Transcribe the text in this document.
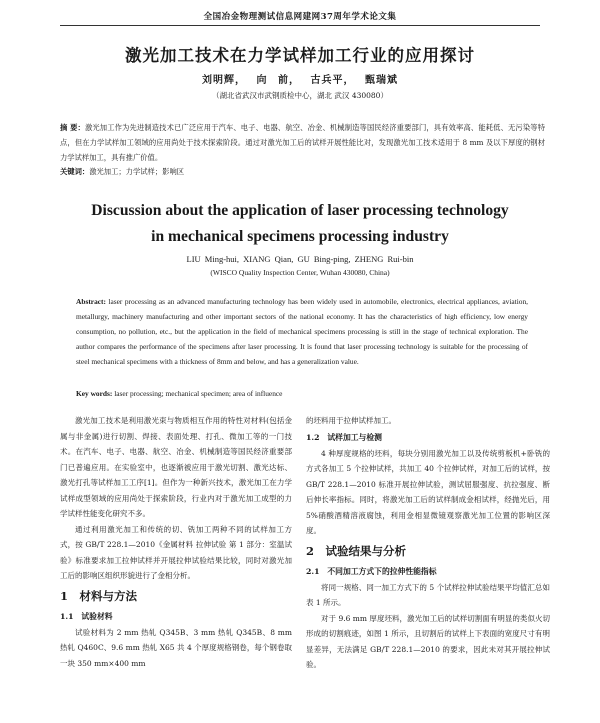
全国冶金物理测试信息网建网37周年学术论文集
激光加工技术在力学试样加工行业的应用探讨
刘明辉， 向 前， 古兵平， 甄瑞斌
（湖北省武汉市武钢质检中心，湖北 武汉 430080）
摘 要：激光加工作为先进制造技术已广泛应用于汽车、电子、电器、航空、冶金、机械制造等国民经济重要部门，具有效率高、能耗低、无污染等特点，但在力学试样加工领域的应用尚处于技术探索阶段。通过对激光加工后的试样开展性能比对，发现激光加工技术适用于 8 mm 及以下厚度的钢材力学试样加工，具有推广价值。
关键词：激光加工；力学试样；影响区
Discussion about the application of laser processing technology
in mechanical specimens processing industry
LIU Ming-hui, XIANG Qian, GU Bing-ping, ZHENG Rui-bin
(WISCO Quality Inspection Center, Wuhan 430080, China)
Abstract: laser processing as an advanced manufacturing technology has been widely used in automobile, electronics, electrical appliances, aviation, metallurgy, machinery manufacturing and other important sectors of the national economy. It has the characteristics of high efficiency, low energy consumption, no pollution, etc., but the application in the field of mechanical specimens processing is still in the stage of technical exploration. The author compares the performance of the specimens after laser processing. It is found that laser processing technology is suitable for the processing of steel mechanical specimens with a thickness of 8mm and below, and has a generalization value.
Key words: laser processing; mechanical specimen; area of influence

激光加工技术是利用激光束与物质相互作用的特性对材料(包括金属与非金属)进行切割、焊接、表面处理、打孔、微加工等的一门技术。在汽车、电子、电器、航空、冶金、机械制造等国民经济重要部门已普遍应用。在实验室中，也逐渐被应用于激光切割、激光达标、激光打孔等试样加工工序[1]。但作为一种新兴技术，激光加工在力学试样成型领域的应用尚处于探索阶段，行业内对于激光加工成型的力学试样性能变化研究不多。

通过利用激光加工和传统的切、铣加工两种不同的试样加工方式，按 GB/T 228.1—2010《金属材料 拉伸试验 第 1 部分：室温试验》标准要求加工拉伸试样并开展拉伸试验结果比较，同时对激光加工后的影响区组织形貌进行了金相分析。

1　材料与方法

1.1　试验材料

试验材料为 2 mm 热轧 Q345B、3 mm 热轧 Q345B、8 mm 热轧 Q460C、9.6 mm 热轧 X65 共 4 个厚度规格钢卷，每个钢卷取一块 350 mm×400 mm

的坯料用于拉伸试样加工。

1.2　试样加工与检测

4 种厚度规格的坯料，每块分别用激光加工以及传统剪板机+卧铣的方式各加工 5 个拉伸试样，共加工 40 个拉伸试样，对加工后的试样，按 GB/T 228.1—2010 标准开展拉伸试验，测试屈服强度、抗拉强度、断后伸长率指标。同时，将激光加工后的试样制成金相试样，经抛光后，用 5%硝酸酒精溶液腐蚀，利用金相显微镜观察激光加工位置的影响区深度。

2　试验结果与分析

2.1　不同加工方式下的拉伸性能指标

将同一规格、同一加工方式下的 5 个试样拉伸试验结果平均值汇总如表 1 所示。

对于 9.6 mm 厚度坯料，激光加工后的试样切割面有明显的类似火切形成的切割痕迹，如图 1 所示，且切割后的试样上下表面的宽度尺寸有明显差异，无法满足 GB/T 228.1—2010 的要求，因此未对其开展拉伸试验。
